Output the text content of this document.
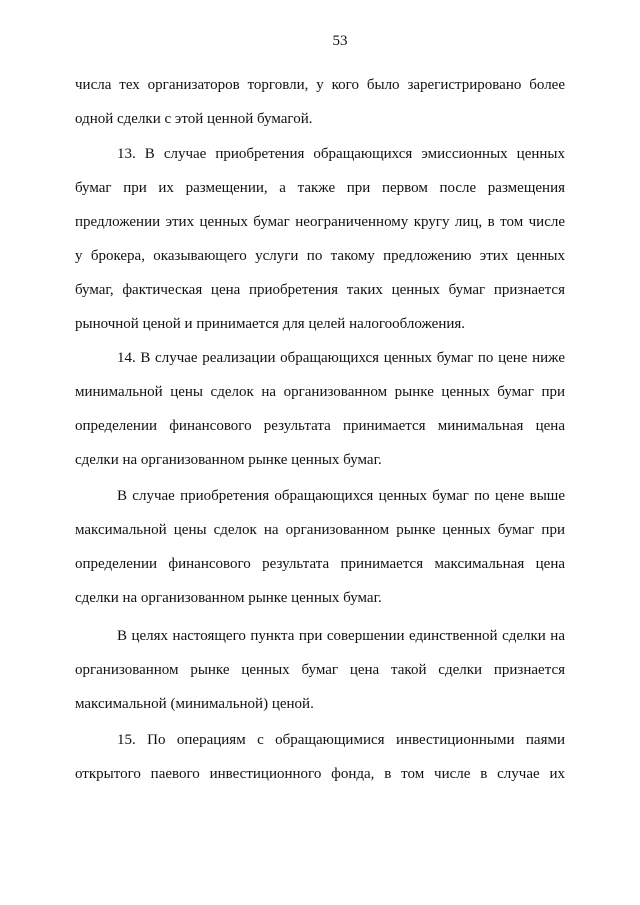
53
числа тех организаторов торговли, у кого было зарегистрировано более
одной сделки с этой ценной бумагой.
13. В случае приобретения обращающихся эмиссионных ценных
бумаг при их размещении, а также при первом после размещения
предложении этих ценных бумаг неограниченному кругу лиц, в том числе
у брокера, оказывающего услуги по такому предложению этих ценных
бумаг, фактическая цена приобретения таких ценных бумаг признается
рыночной ценой и принимается для целей налогообложения.
14. В случае реализации обращающихся ценных бумаг по цене ниже
минимальной цены сделок на организованном рынке ценных бумаг при
определении финансового результата принимается минимальная цена
сделки на организованном рынке ценных бумаг.
В случае приобретения обращающихся ценных бумаг по цене выше
максимальной цены сделок на организованном рынке ценных бумаг при
определении финансового результата принимается максимальная цена
сделки на организованном рынке ценных бумаг.
В целях настоящего пункта при совершении единственной сделки на
организованном рынке ценных бумаг цена такой сделки признается
максимальной (минимальной) ценой.
15. По операциям с обращающимися инвестиционными паями
открытого паевого инвестиционного фонда, в том числе в случае их
